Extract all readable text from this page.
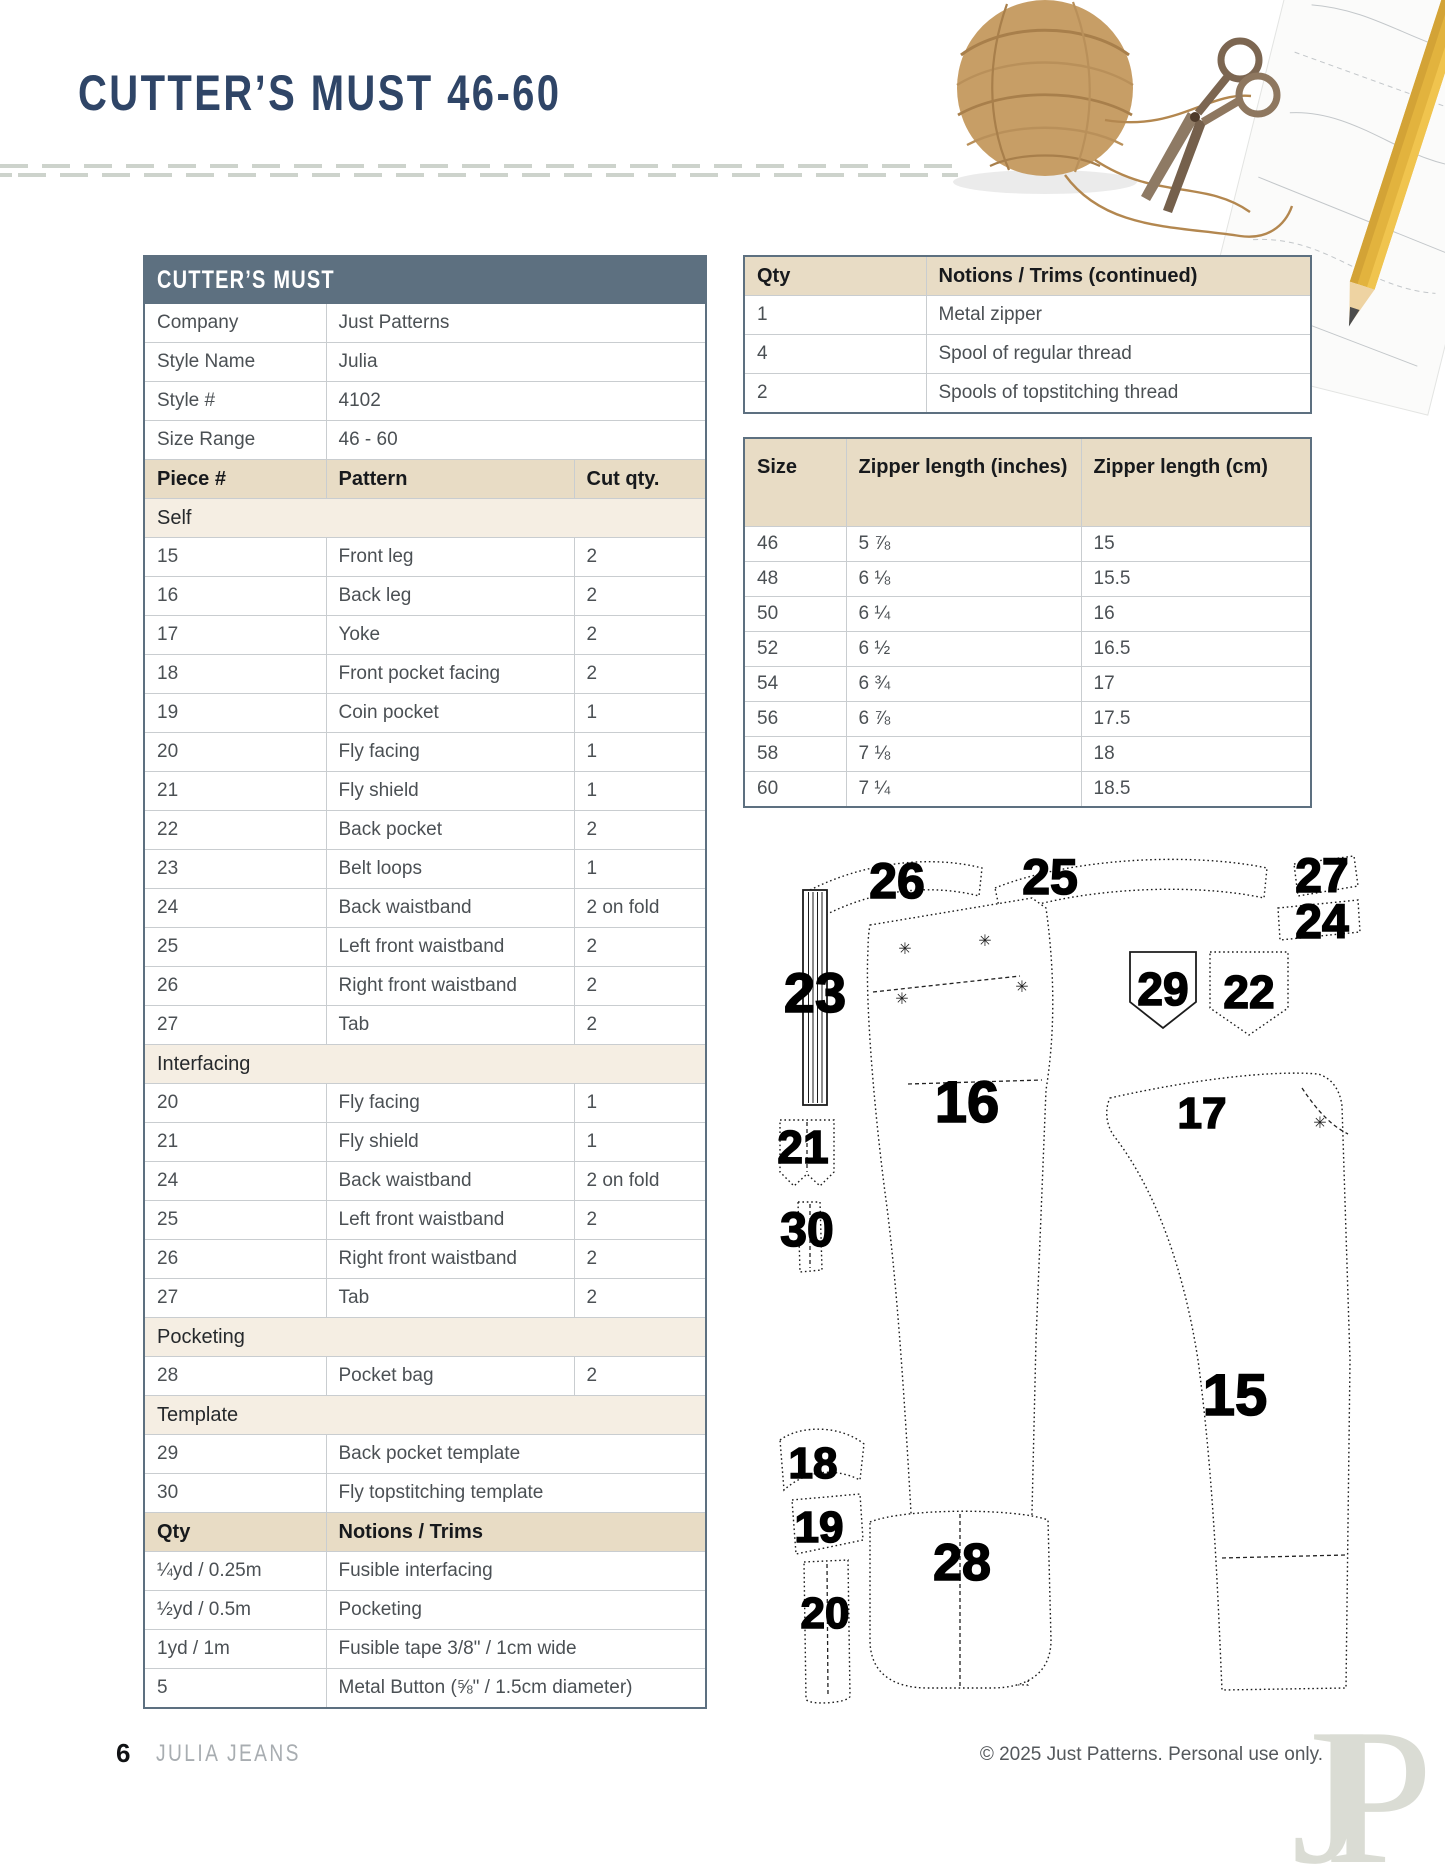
CUTTER’S MUST 46-60
CUTTER’S MUST		
Company	Just Patterns	
Style Name	Julia	
Style #	4102	
Size Range	46 - 60	
Piece #	Pattern	Cut qty.
Self		
15	Front leg	2
16	Back leg	2
17	Yoke	2
18	Front pocket facing	2
19	Coin pocket	1
20	Fly facing	1
21	Fly shield	1
22	Back pocket	2
23	Belt loops	1
24	Back waistband	2 on fold
25	Left front waistband	2
26	Right front waistband	2
27	Tab	2
Interfacing		
20	Fly facing	1
21	Fly shield	1
24	Back waistband	2 on fold
25	Left front waistband	2
26	Right front waistband	2
27	Tab	2
Pocketing		
28	Pocket bag	2
Template		
29	Back pocket template	
30	Fly topstitching template	
Qty	Notions / Trims	
¼yd / 0.25m	Fusible interfacing	
½yd / 0.5m	Pocketing	
1yd / 1m	Fusible tape 3/8" / 1cm wide	
5	Metal Button (⅝" / 1.5cm diameter)	
Qty	Notions / Trims (continued)
1	Metal zipper
4	Spool of regular thread
2	Spools of topstitching thread
Size	Zipper length (inches)	Zipper length (cm)
46	5 ⅞	15
48	6 ⅛	15.5
50	6 ¼	16
52	6 ½	16.5
54	6 ¾	17
56	6 ⅞	17.5
58	7 ⅛	18
60	7 ¼	18.5
✳	✳
✳
✳
✳
26 25	27
24
23	29 22
17
16
21
30
15
18
19
20
28
JP
6 JULIA JEANS	© 2025 Just Patterns. Personal use only.
